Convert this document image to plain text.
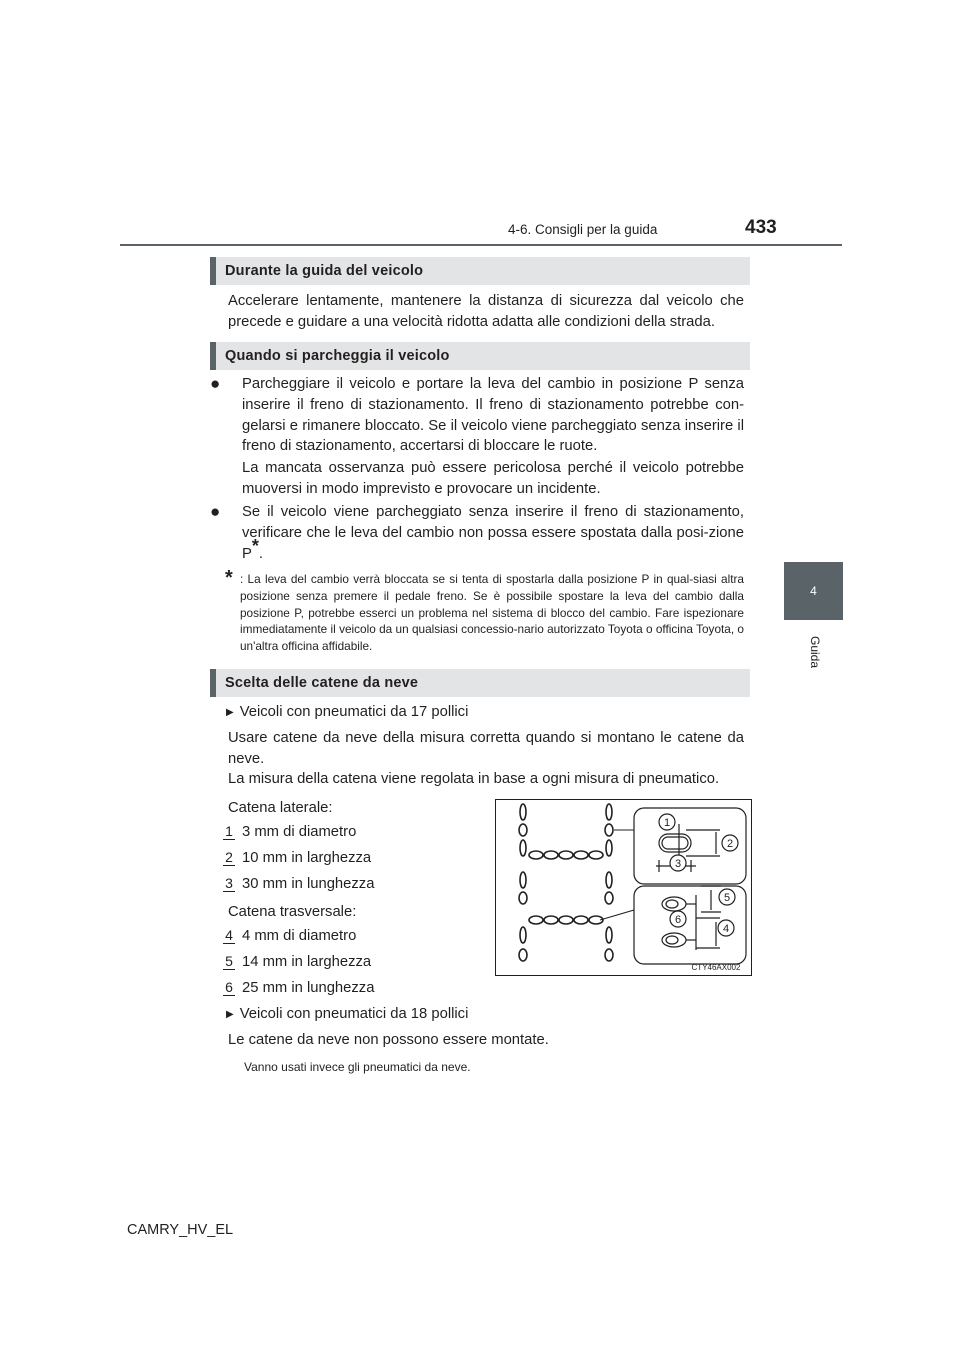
4-6. Consigli per la guida	433
4
Guida
Durante la guida del veicolo
Accelerare lentamente, mantenere la distanza di sicurezza dal veicolo che precede e guidare a una velocità ridotta adatta alle condizioni della strada.
Quando si parcheggia il veicolo
● Parcheggiare il veicolo e portare la leva del cambio in posizione P senza inserire il freno di stazionamento. Il freno di stazionamento potrebbe con-gelarsi e rimanere bloccato. Se il veicolo viene parcheggiato senza inserire il freno di stazionamento, accertarsi di bloccare le ruote.
La mancata osservanza può essere pericolosa perché il veicolo potrebbe muoversi in modo imprevisto e provocare un incidente.
● Se il veicolo viene parcheggiato senza inserire il freno di stazionamento, verificare che le leva del cambio non possa essere spostata dalla posi-zione P*.
* : La leva del cambio verrà bloccata se si tenta di spostarla dalla posizione P in qual-siasi altra posizione senza premere il pedale freno. Se è possibile spostare la leva del cambio dalla posizione P, potrebbe esserci un problema nel sistema di blocco del cambio. Fare ispezionare immediatamente il veicolo da un qualsiasi concessio-nario autorizzato Toyota o officina Toyota, o un'altra officina affidabile.
Scelta delle catene da neve
▶ Veicoli con pneumatici da 17 pollici
Usare catene da neve della misura corretta quando si montano le catene da neve.
La misura della catena viene regolata in base a ogni misura di pneumatico.
Catena laterale:
1 3 mm di diametro
2 10 mm in larghezza
3 30 mm in lunghezza
Catena trasversale:
4 4 mm di diametro
5 14 mm in larghezza
6 25 mm in lunghezza
▶ Veicoli con pneumatici da 18 pollici
Le catene da neve non possono essere montate.
Vanno usati invece gli pneumatici da neve.
1
2
3
5
6
4
CTY46AX002
CAMRY_HV_EL
